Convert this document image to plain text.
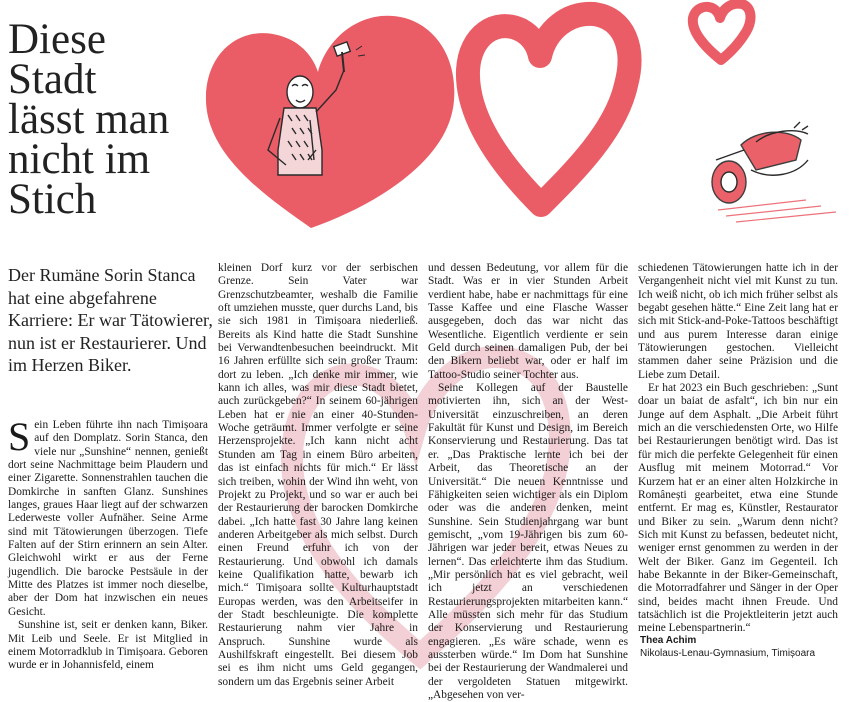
Diese
Stadt
lässt man
nicht im
Stich

Der Rumäne Sorin Stanca hat eine abgefahrene Karriere: Er war Tätowierer, nun ist er Restaurierer. Und im Herzen Biker.

S ein Leben führte ihn nach Timișoara auf den Domplatz. Sorin Stanca, den viele nur „Sunshine“ nennen, genießt dort seine Nachmittage beim Plaudern und einer Zigarette. Sonnenstrahlen tauchen die Domkirche in sanften Glanz. Sunshines langes, graues Haar liegt auf der schwarzen Lederweste voller Aufnäher. Seine Arme sind mit Tätowierungen überzogen. Tiefe Falten auf der Stirn erinnern an sein Alter. Gleichwohl wirkt er aus der Ferne jugendlich. Die barocke Pestsäule in der Mitte des Platzes ist immer noch dieselbe, aber der Dom hat inzwischen ein neues Gesicht.

Sunshine ist, seit er denken kann, Biker. Mit Leib und Seele. Er ist Mitglied in einem Motorradklub in Timișoara. Geboren wurde er in Johannisfeld, einem

kleinen Dorf kurz vor der serbischen Grenze. Sein Vater war Grenzschutzbeamter, weshalb die Familie oft umziehen musste, quer durchs Land, bis sie sich 1981 in Timișoara niederließ. Bereits als Kind hatte die Stadt Sunshine bei Verwandtenbesuchen beeindruckt. Mit 16 Jahren erfüllte sich sein großer Traum: dort zu leben. „Ich denke mir immer, wie kann ich alles, was mir diese Stadt bietet, auch zurückgeben?“ In seinem 60-jährigen Leben hat er nie an einer 40-Stunden-Woche geträumt. Immer verfolgte er seine Herzensprojekte. „Ich kann nicht acht Stunden am Tag in einem Büro arbeiten, das ist einfach nichts für mich.“ Er lässt sich treiben, wohin der Wind ihn weht, von Projekt zu Projekt, und so war er auch bei der Restaurierung der barocken Domkirche dabei. „Ich hatte fast 30 Jahre lang keinen anderen Arbeitgeber als mich selbst. Durch einen Freund erfuhr ich von der Restaurierung. Und obwohl ich damals keine Qualifikation hatte, bewarb ich mich.“ Timișoara sollte Kulturhauptstadt Europas werden, was den Arbeitseifer in der Stadt beschleunigte. Die komplette Restaurierung nahm vier Jahre in Anspruch. Sunshine wurde als Aushilfskraft eingestellt. Bei diesem Job sei es ihm nicht ums Geld gegangen, sondern um das Ergebnis seiner Arbeit

und dessen Bedeutung, vor allem für die Stadt. Was er in vier Stunden Arbeit verdient habe, habe er nachmittags für eine Tasse Kaffee und eine Flasche Wasser ausgegeben, doch das war nicht das Wesentliche. Eigentlich verdiente er sein Geld durch seinen damaligen Pub, der bei den Bikern beliebt war, oder er half im Tattoo-Studio seiner Tochter aus.

Seine Kollegen auf der Baustelle motivierten ihn, sich an der West-Universität einzuschreiben, an deren Fakultät für Kunst und Design, im Bereich Konservierung und Restaurierung. Das tat er. „Das Praktische lernte ich bei der Arbeit, das Theoretische an der Universität.“ Die neuen Kenntnisse und Fähigkeiten seien wichtiger als ein Diplom oder was die anderen denken, meint Sunshine. Sein Studienjahrgang war bunt gemischt, „vom 19-Jährigen bis zum 60-Jährigen war jeder bereit, etwas Neues zu lernen“. Das erleichterte ihm das Studium. „Mir persönlich hat es viel gebracht, weil ich jetzt an verschiedenen Restaurierungsprojekten mitarbeiten kann.“ Alle müssten sich mehr für das Studium der Konservierung und Restaurierung engagieren. „Es wäre schade, wenn es aussterben würde.“ Im Dom hat Sunshine bei der Restaurierung der Wandmalerei und der vergoldeten Statuen mitgewirkt. „Abgesehen von ver-

schiedenen Tätowierungen hatte ich in der Vergangenheit nicht viel mit Kunst zu tun. Ich weiß nicht, ob ich mich früher selbst als begabt gesehen hätte.“ Eine Zeit lang hat er sich mit Stick-and-Poke-Tattoos beschäftigt und aus purem Interesse daran einige Tätowierungen gestochen. Vielleicht stammen daher seine Präzision und die Liebe zum Detail.

Er hat 2023 ein Buch geschrieben: „Sunt doar un baiat de asfalt“, ich bin nur ein Junge auf dem Asphalt. „Die Arbeit führt mich an die verschiedensten Orte, wo Hilfe bei Restaurierungen benötigt wird. Das ist für mich die perfekte Gelegenheit für einen Ausflug mit meinem Motorrad.“ Vor Kurzem hat er an einer alten Holzkirche in Românești gearbeitet, etwa eine Stunde entfernt. Er mag es, Künstler, Restaurator und Biker zu sein. „Warum denn nicht? Sich mit Kunst zu befassen, bedeutet nicht, weniger ernst genommen zu werden in der Welt der Biker. Ganz im Gegenteil. Ich habe Bekannte in der Biker-Gemeinschaft, die Motorradfahrer und Sänger in der Oper sind, beides macht ihnen Freude. Und tatsächlich ist die Projektleiterin jetzt auch meine Lebenspartnerin.“

Thea Achim
Nikolaus-Lenau-Gymnasium, Timișoara
